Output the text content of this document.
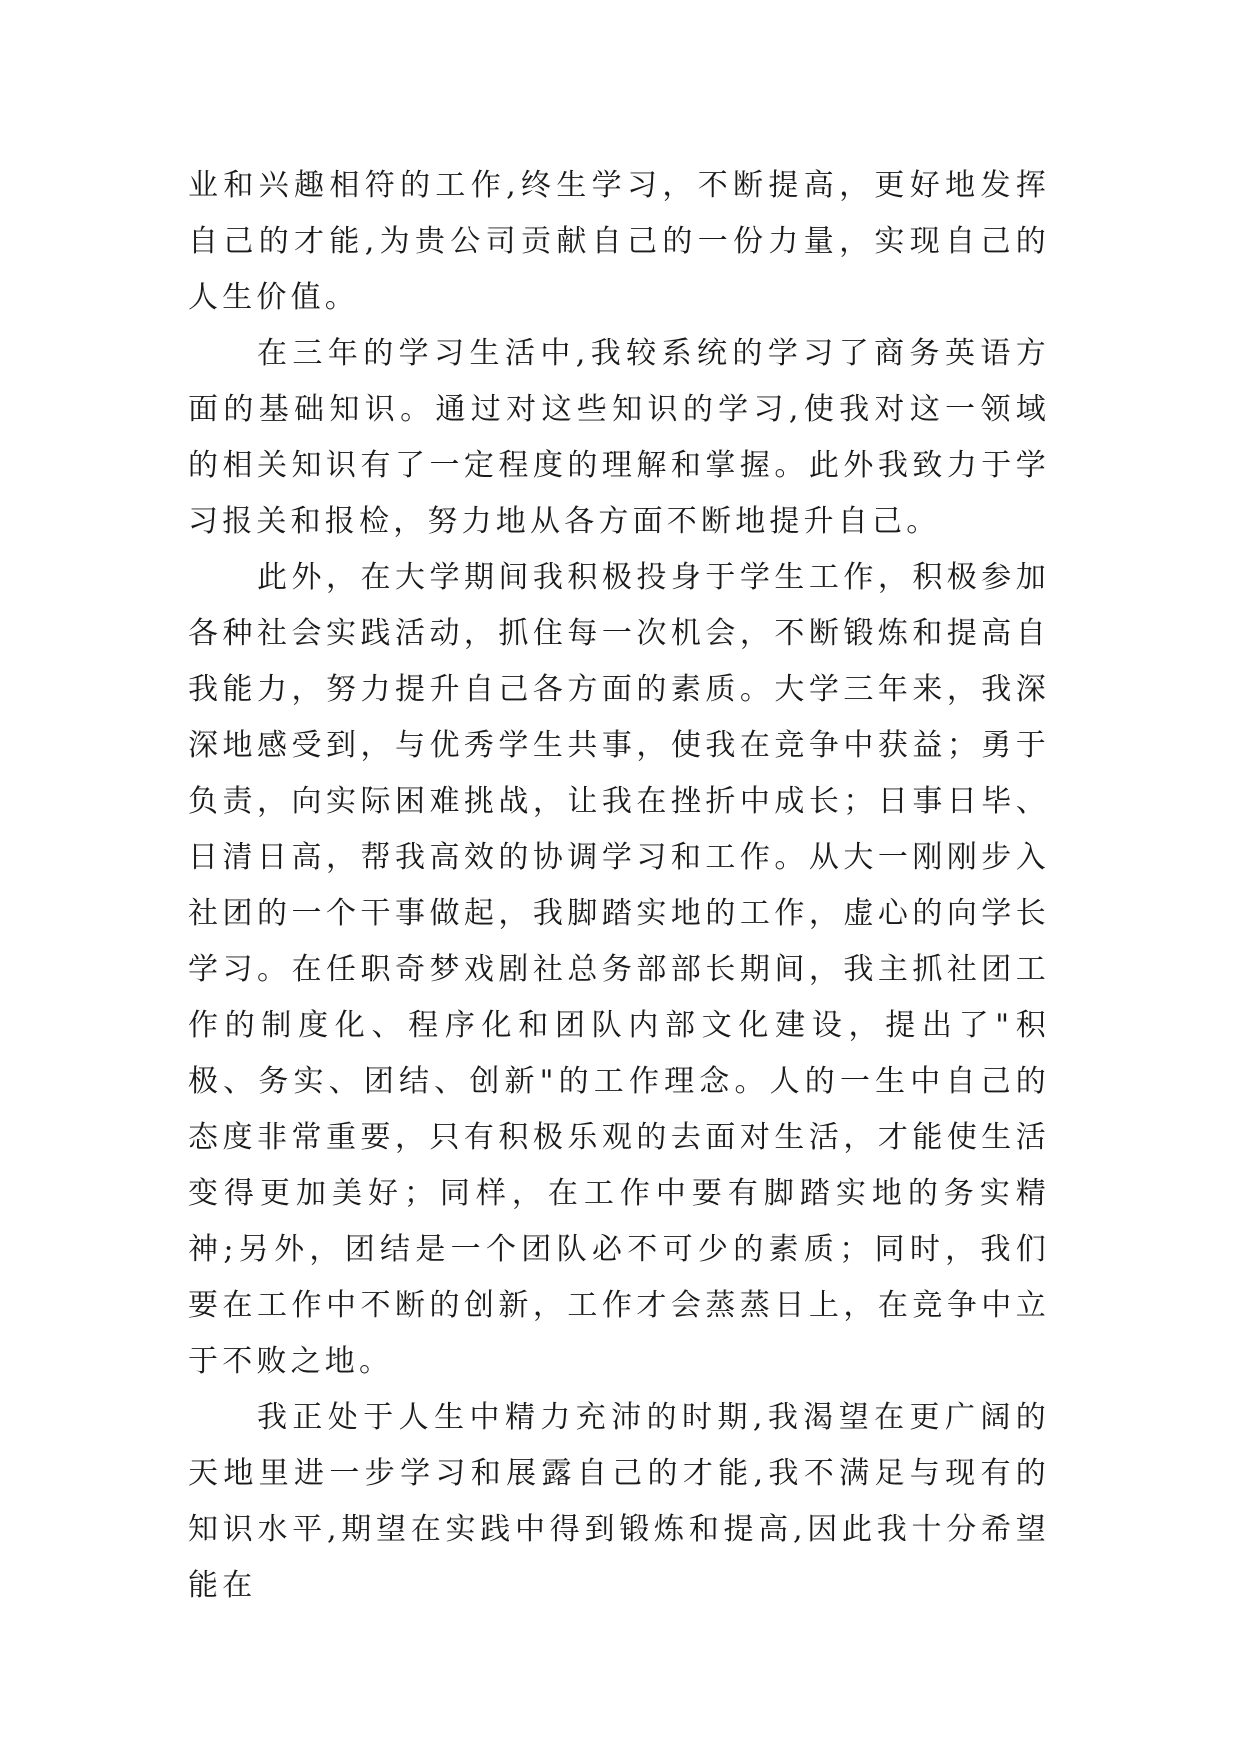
业和兴趣相符的工作,终生学习，不断提高，更好地发挥自己的才能,为贵公司贡献自己的一份力量，实现自己的人生价值。

在三年的学习生活中,我较系统的学习了商务英语方面的基础知识。通过对这些知识的学习,使我对这一领域的相关知识有了一定程度的理解和掌握。此外我致力于学习报关和报检，努力地从各方面不断地提升自己。

此外，在大学期间我积极投身于学生工作，积极参加各种社会实践活动，抓住每一次机会，不断锻炼和提高自我能力，努力提升自己各方面的素质。大学三年来，我深深地感受到，与优秀学生共事，使我在竞争中获益；勇于负责，向实际困难挑战，让我在挫折中成长；日事日毕、日清日高，帮我高效的协调学习和工作。从大一刚刚步入社团的一个干事做起，我脚踏实地的工作，虚心的向学长学习。在任职奇梦戏剧社总务部部长期间，我主抓社团工作的制度化、程序化和团队内部文化建设，提出了"积极、务实、团结、创新"的工作理念。人的一生中自己的态度非常重要，只有积极乐观的去面对生活，才能使生活变得更加美好；同样，在工作中要有脚踏实地的务实精神;另外，团结是一个团队必不可少的素质；同时，我们要在工作中不断的创新，工作才会蒸蒸日上，在竞争中立于不败之地。

我正处于人生中精力充沛的时期,我渴望在更广阔的天地里进一步学习和展露自己的才能,我不满足与现有的知识水平,期望在实践中得到锻炼和提高,因此我十分希望能在
